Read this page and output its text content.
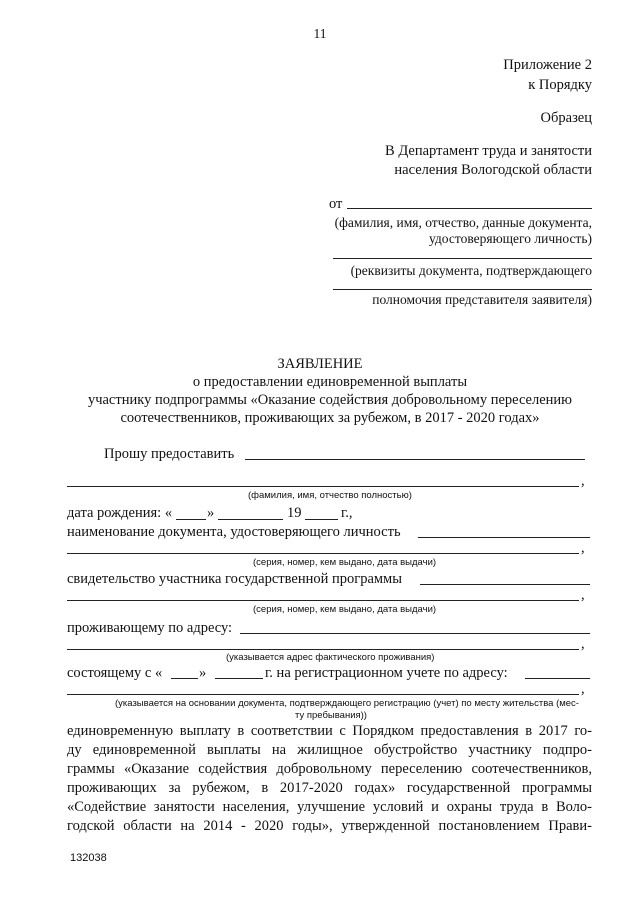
11
Приложение 2
к Порядку
Образец
В Департамент труда и занятости
населения Вологодской области
от
(фамилия, имя, отчество, данные документа,
удостоверяющего личность)
(реквизиты документа, подтверждающего
полномочия представителя заявителя)
ЗАЯВЛЕНИЕ
о предоставлении единовременной выплаты
участнику подпрограммы «Оказание содействия добровольному переселению
соотечественников, проживающих за рубежом, в 2017 - 2020 годах»
Прошу предоставить
,
(фамилия, имя, отчество полностью)
дата рождения: « »	19	г.,
наименование документа, удостоверяющего личность
,
(серия, номер, кем выдано, дата выдачи)
свидетельство участника государственной программы
,
(серия, номер, кем выдано, дата выдачи)
проживающему по адресу:
,
(указывается адрес фактического проживания)
состоящему с «	»	г. на регистрационном учете по адресу:
,
(указывается на основании документа, подтверждающего регистрацию (учет) по месту жительства (мес-
ту пребывания))
единовременную выплату в соответствии с Порядком предоставления в 2017 го-
ду единовременной выплаты на жилищное обустройство участнику подпро-
граммы «Оказание содействия добровольному переселению соотечественников,
проживающих за рубежом, в 2017-2020 годах» государственной программы
«Содействие занятости населения, улучшение условий и охраны труда в Воло-
годской области на 2014 - 2020 годы», утвержденной постановлением Прави-
132038
